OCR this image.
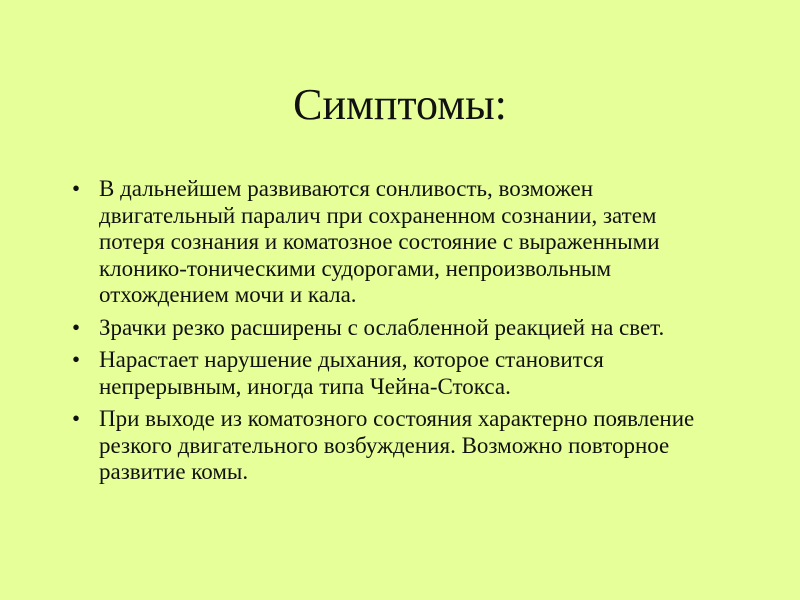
Симптомы:
• В дальнейшем развиваются сонливость, возможен двигательный паралич при сохраненном сознании, затем потеря сознания и коматозное состояние с выраженными клонико-тоническими судорогами, непроизвольным отхождением мочи и кала.
• Зрачки резко расширены с ослабленной реакцией на свет.
• Нарастает нарушение дыхания, которое становится непрерывным, иногда типа Чейна-Стокса.
• При выходе из коматозного состояния характерно появление резкого двигательного возбуждения. Возможно повторное развитие комы.
